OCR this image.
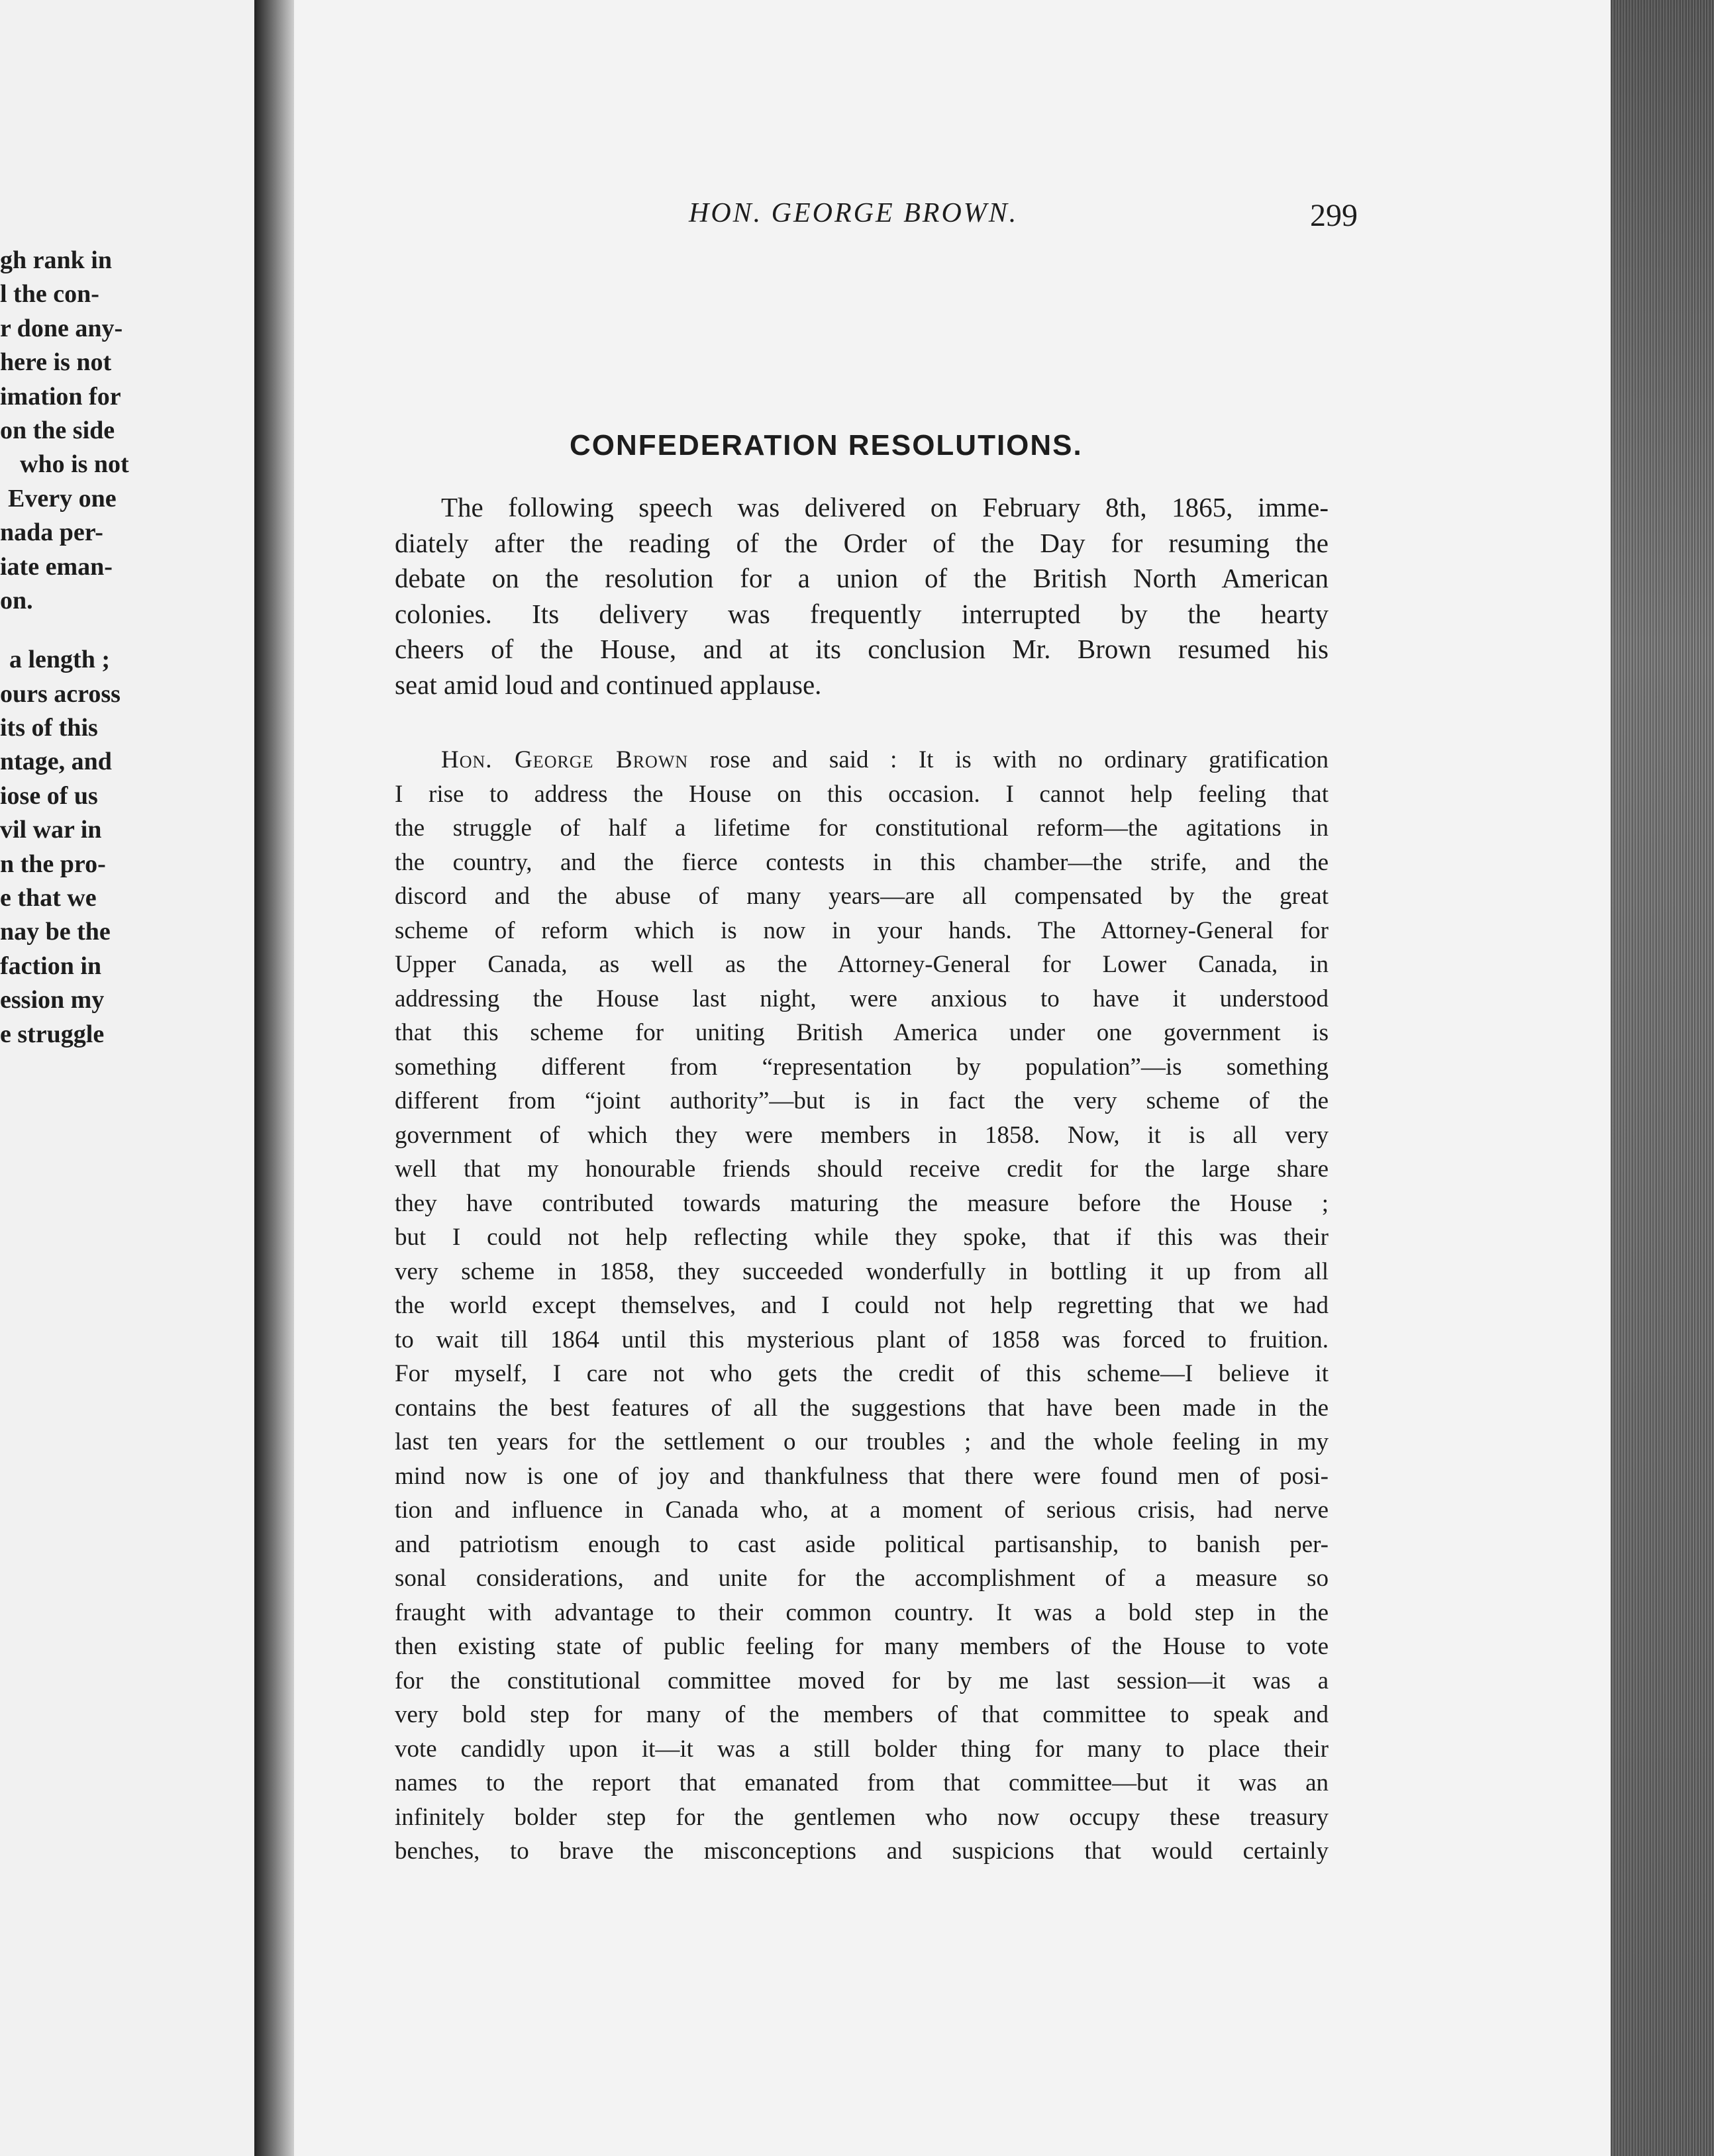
gh rank in
l the con-
r done any-
here is not
imation for
on the side
who is not
Every one
nada per-
iate eman-
on.
a length ;
ours across
its of this
ntage, and
iose of us
vil war in
n the pro-
e that we
nay be the
faction in
ession my
e struggle
HON. GEORGE BROWN.	299
CONFEDERATION RESOLUTIONS.
The following speech was delivered on February 8th, 1865, imme-
diately after the reading of the Order of the Day for resuming the
debate on the resolution for a union of the British North American
colonies. Its delivery was frequently interrupted by the hearty
cheers of the House, and at its conclusion Mr. Brown resumed his
seat amid loud and continued applause.
Hon. George Brown rose and said : It is with no ordinary gratification
I rise to address the House on this occasion. I cannot help feeling that
the struggle of half a lifetime for constitutional reform—the agitations in
the country, and the fierce contests in this chamber—the strife, and the
discord and the abuse of many years—are all compensated by the great
scheme of reform which is now in your hands. The Attorney-General for
Upper Canada, as well as the Attorney-General for Lower Canada, in
addressing the House last night, were anxious to have it understood
that this scheme for uniting British America under one government is
something different from “representation by population”—is something
different from “joint authority”—but is in fact the very scheme of the
government of which they were members in 1858. Now, it is all very
well that my honourable friends should receive credit for the large share
they have contributed towards maturing the measure before the House ;
but I could not help reflecting while they spoke, that if this was their
very scheme in 1858, they succeeded wonderfully in bottling it up from all
the world except themselves, and I could not help regretting that we had
to wait till 1864 until this mysterious plant of 1858 was forced to fruition.
For myself, I care not who gets the credit of this scheme—I believe it
contains the best features of all the suggestions that have been made in the
last ten years for the settlement o our troubles ; and the whole feeling in my
mind now is one of joy and thankfulness that there were found men of posi-
tion and influence in Canada who, at a moment of serious crisis, had nerve
and patriotism enough to cast aside political partisanship, to banish per-
sonal considerations, and unite for the accomplishment of a measure so
fraught with advantage to their common country. It was a bold step in the
then existing state of public feeling for many members of the House to vote
for the constitutional committee moved for by me last session—it was a
very bold step for many of the members of that committee to speak and
vote candidly upon it—it was a still bolder thing for many to place their
names to the report that emanated from that committee—but it was an
infinitely bolder step for the gentlemen who now occupy these treasury
benches, to brave the misconceptions and suspicions that would certainly
